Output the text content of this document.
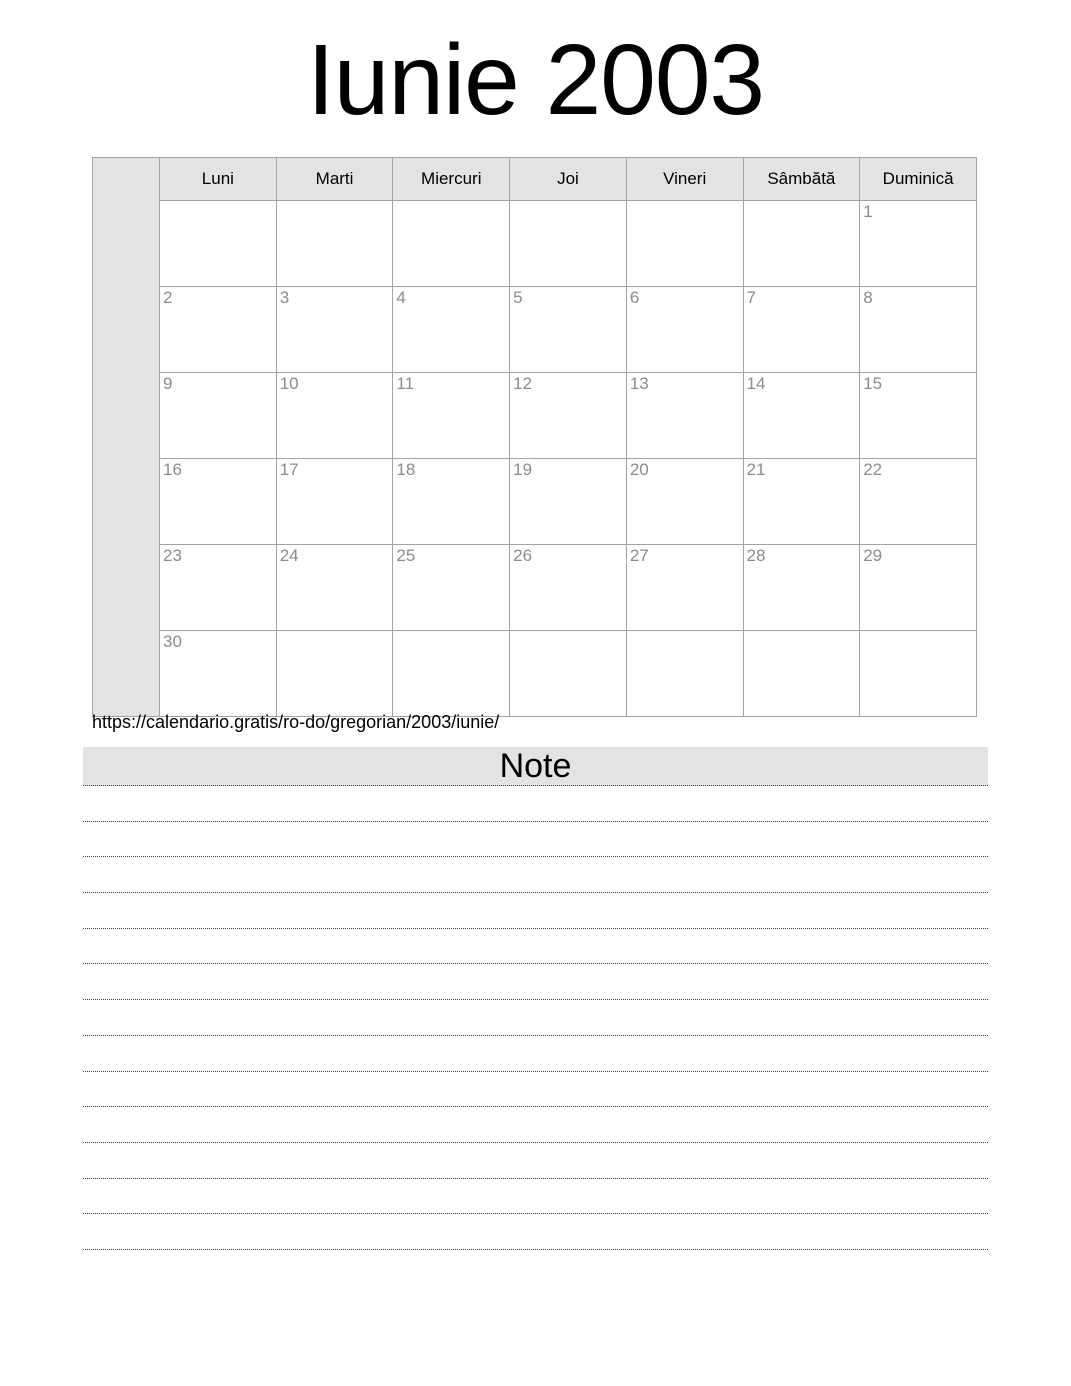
Iunie 2003
	Luni	Marti	Miercuri	Joi	Vineri	Sâmbătă	Duminică
							1
	2	3	4	5	6	7	8
	9	10	11	12	13	14	15
	16	17	18	19	20	21	22
	23	24	25	26	27	28	29
	30						

https://calendario.gratis/ro-do/gregorian/2003/iunie/

Note
